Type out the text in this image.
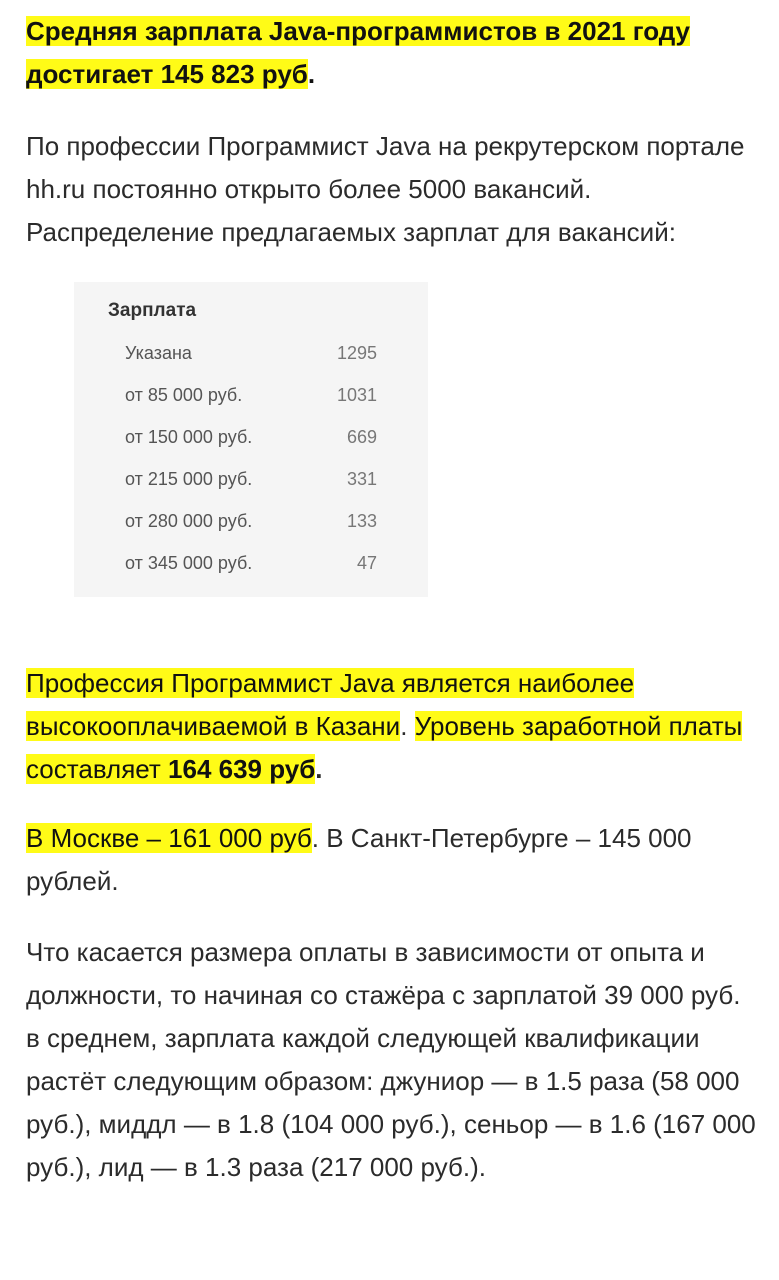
Средняя зарплата Java-программистов в 2021 году достигает 145 823 руб.

По профессии Программист Java на рекрутерском портале hh.ru постоянно открыто более 5000 вакансий. Распределение предлагаемых зарплат для вакансий:

Зарплата
Указана	1295
от 85 000 руб.	1031
от 150 000 руб.	669
от 215 000 руб.	331
от 280 000 руб.	133
от 345 000 руб.	47

Профессия Программист Java является наиболее высокооплачиваемой в Казани. Уровень заработной платы составляет 164 639 руб.

В Москве – 161 000 руб. В Санкт-Петербурге – 145 000 рублей.

Что касается размера оплаты в зависимости от опыта и должности, то начиная со стажёра с зарплатой 39 000 руб. в среднем, зарплата каждой следующей квалификации растёт следующим образом: джуниор — в 1.5 раза (58 000 руб.), миддл — в 1.8 (104 000 руб.), сеньор — в 1.6 (167 000 руб.), лид — в 1.3 раза (217 000 руб.).
